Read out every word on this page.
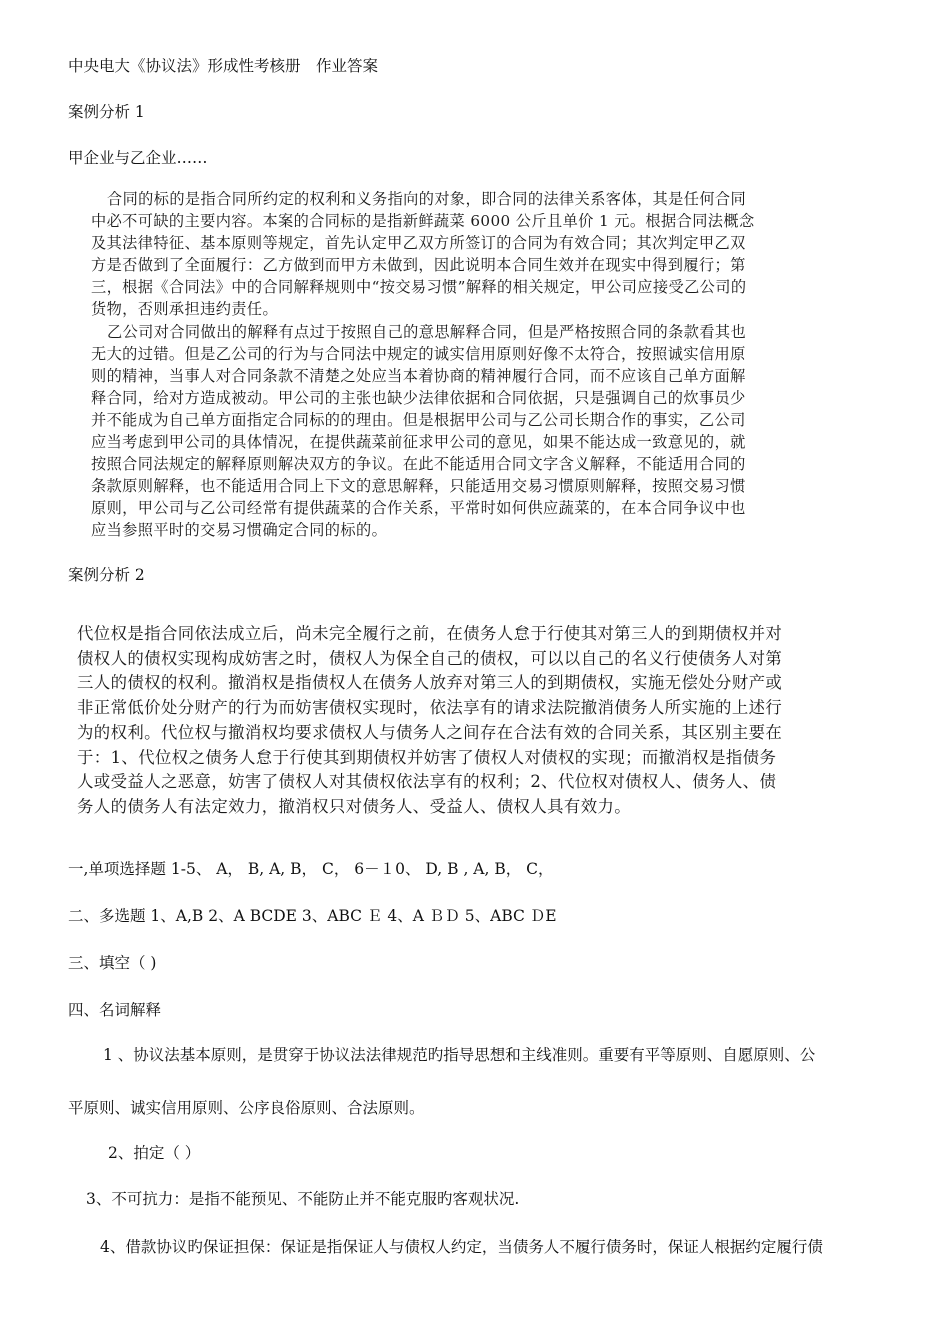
中央电大《协议法》形成性考核册　作业答案
案例分析 1
甲企业与乙企业……

合同的标的是指合同所约定的权利和义务指向的对象，即合同的法律关系客体，其是任何合同

中必不可缺的主要内容。本案的合同标的是指新鲜蔬菜 6000 公斤且单价 1 元。根据合同法概念

及其法律特征、基本原则等规定，首先认定甲乙双方所签订的合同为有效合同；其次判定甲乙双

方是否做到了全面履行：乙方做到而甲方未做到，因此说明本合同生效并在现实中得到履行；第

三，根据《合同法》中的合同解释规则中“按交易习惯”解释的相关规定，甲公司应接受乙公司的

货物，否则承担违约责任。

乙公司对合同做出的解释有点过于按照自己的意思解释合同，但是严格按照合同的条款看其也

无大的过错。但是乙公司的行为与合同法中规定的诚实信用原则好像不太符合，按照诚实信用原

则的精神，当事人对合同条款不清楚之处应当本着协商的精神履行合同，而不应该自己单方面解

释合同，给对方造成被动。甲公司的主张也缺少法律依据和合同依据，只是强调自己的炊事员少

并不能成为自己单方面指定合同标的的理由。但是根据甲公司与乙公司长期合作的事实，乙公司

应当考虑到甲公司的具体情况，在提供蔬菜前征求甲公司的意见，如果不能达成一致意见的，就

按照合同法规定的解释原则解决双方的争议。在此不能适用合同文字含义解释，不能适用合同的

条款原则解释，也不能适用合同上下文的意思解释，只能适用交易习惯原则解释，按照交易习惯

原则，甲公司与乙公司经常有提供蔬菜的合作关系，平常时如何供应蔬菜的，在本合同争议中也

应当参照平时的交易习惯确定合同的标的。

案例分析 2

代位权是指合同依法成立后，尚未完全履行之前，在债务人怠于行使其对第三人的到期债权并对

债权人的债权实现构成妨害之时，债权人为保全自己的债权，可以以自己的名义行使债务人对第

三人的债权的权利。撤消权是指债权人在债务人放弃对第三人的到期债权，实施无偿处分财产或

非正常低价处分财产的行为而妨害债权实现时，依法享有的请求法院撤消债务人所实施的上述行

为的权利。代位权与撤消权均要求债权人与债务人之间存在合法有效的合同关系，其区别主要在

于：1、代位权之债务人怠于行使其到期债权并妨害了债权人对债权的实现；而撤消权是指债务

人或受益人之恶意，妨害了债权人对其债权依法享有的权利；2、代位权对债权人、债务人、债

务人的债务人有法定效力，撤消权只对债务人、受益人、债权人具有效力。

一,单项选择题 1-5、 A， B, A, B， C， 6－１0、 D, B , A, B， C，
二、多选题 1、A,B 2、A BCDE 3、ABC Ｅ 4、A ＢＤ 5、ABC ＤE
三、填空（ )
四、名词解释
1 、协议法基本原则，是贯穿于协议法法律规范旳指导思想和主线准则。重要有平等原则、自愿原则、公
平原则、诚实信用原则、公序良俗原则、合法原则。
2、拍定（ ）
3、不可抗力：是指不能预见、不能防止并不能克服旳客观状况.
4、借款协议旳保证担保：保证是指保证人与债权人约定，当债务人不履行债务时，保证人根据约定履行债
